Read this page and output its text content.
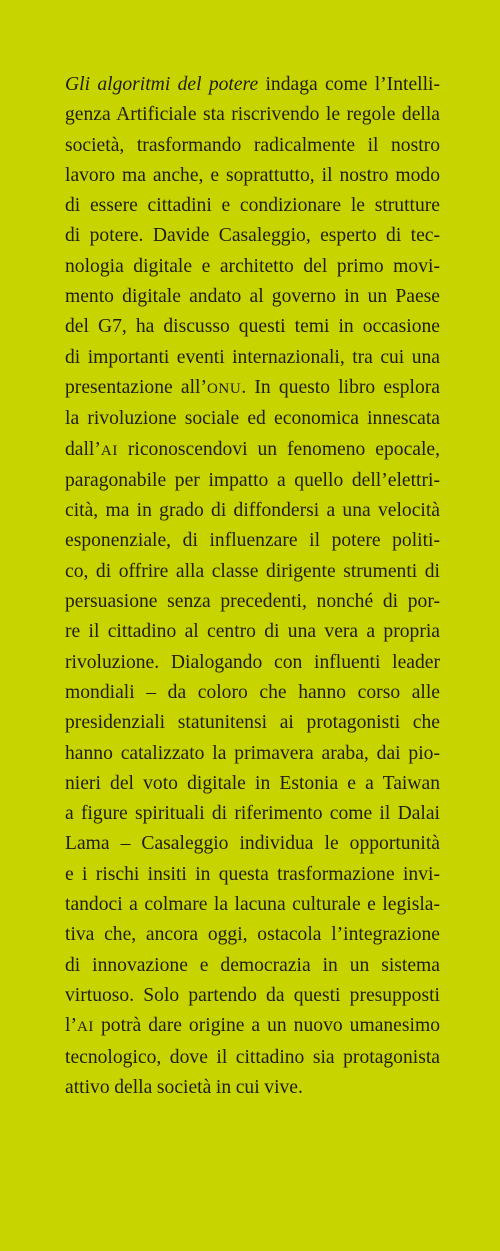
Gli algoritmi del potere indaga come l’Intelli-
genza Artificiale sta riscrivendo le regole della
società, trasformando radicalmente il nostro
lavoro ma anche, e soprattutto, il nostro modo
di essere cittadini e condizionare le strutture
di potere. Davide Casaleggio, esperto di tec-
nologia digitale e architetto del primo movi-
mento digitale andato al governo in un Paese
del G7, ha discusso questi temi in occasione
di importanti eventi internazionali, tra cui una
presentazione all’ONU. In questo libro esplora
la rivoluzione sociale ed economica innescata
dall’AI riconoscendovi un fenomeno epocale,
paragonabile per impatto a quello dell’elettri-
cità, ma in grado di diffondersi a una velocità
esponenziale, di influenzare il potere politi-
co, di offrire alla classe dirigente strumenti di
persuasione senza precedenti, nonché di por-
re il cittadino al centro di una vera a propria
rivoluzione. Dialogando con influenti leader
mondiali – da coloro che hanno corso alle
presidenziali statunitensi ai protagonisti che
hanno catalizzato la primavera araba, dai pio-
nieri del voto digitale in Estonia e a Taiwan
a figure spirituali di riferimento come il Dalai
Lama – Casaleggio individua le opportunità
e i rischi insiti in questa trasformazione invi-
tandoci a colmare la lacuna culturale e legisla-
tiva che, ancora oggi, ostacola l’integrazione
di innovazione e democrazia in un sistema
virtuoso. Solo partendo da questi presupposti
l’AI potrà dare origine a un nuovo umanesimo
tecnologico, dove il cittadino sia protagonista
attivo della società in cui vive.
